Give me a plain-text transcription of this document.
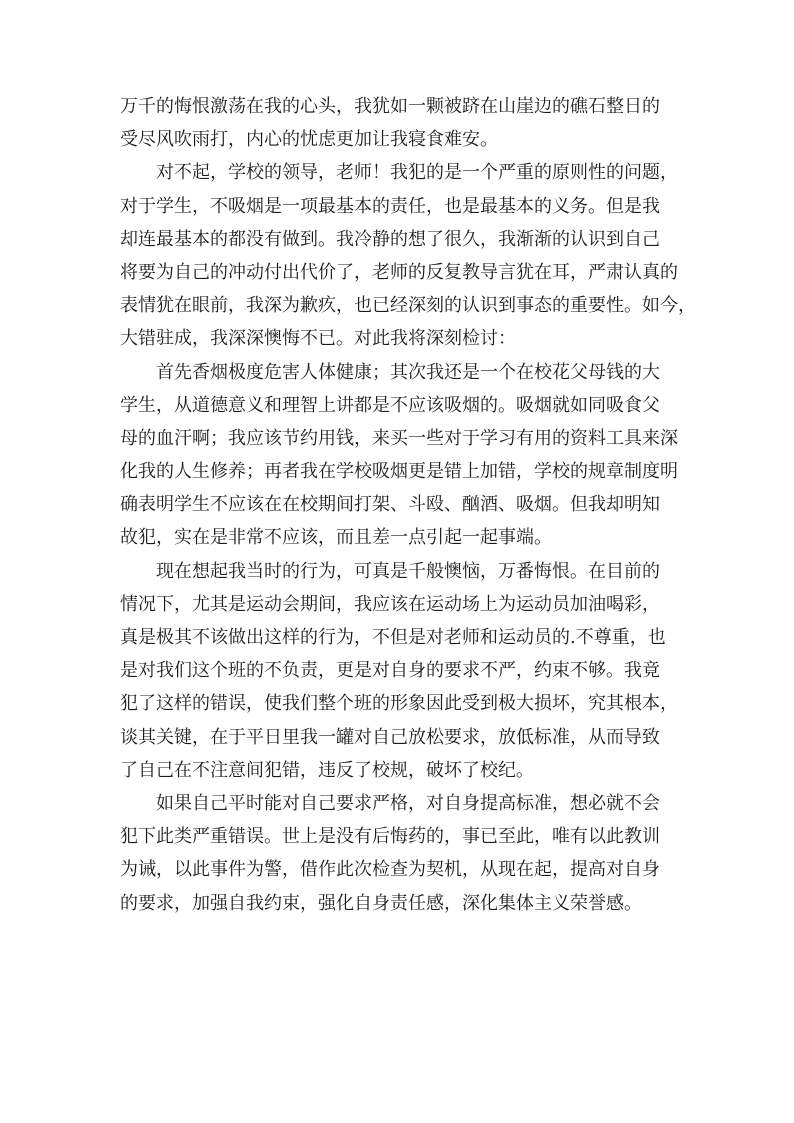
万千的悔恨激荡在我的心头，我犹如一颗被跻在山崖边的礁石整日的
受尽风吹雨打，内心的忧虑更加让我寝食难安。
对不起，学校的领导，老师！我犯的是一个严重的原则性的问题，
对于学生，不吸烟是一项最基本的责任，也是最基本的义务。但是我
却连最基本的都没有做到。我冷静的想了很久，我渐渐的认识到自己
将要为自己的冲动付出代价了，老师的反复教导言犹在耳，严肃认真的
表情犹在眼前，我深为歉疚，也已经深刻的认识到事态的重要性。如今，
大错驻成，我深深懊悔不已。对此我将深刻检讨：
首先香烟极度危害人体健康；其次我还是一个在校花父母钱的大
学生，从道德意义和理智上讲都是不应该吸烟的。吸烟就如同吸食父
母的血汗啊；我应该节约用钱，来买一些对于学习有用的资料工具来深
化我的人生修养；再者我在学校吸烟更是错上加错，学校的规章制度明
确表明学生不应该在在校期间打架、斗殴、酗酒、吸烟。但我却明知
故犯，实在是非常不应该，而且差一点引起一起事端。
现在想起我当时的行为，可真是千般懊恼，万番悔恨。在目前的
情况下，尤其是运动会期间，我应该在运动场上为运动员加油喝彩，
真是极其不该做出这样的行为，不但是对老师和运动员的.不尊重，也
是对我们这个班的不负责，更是对自身的要求不严，约束不够。我竟
犯了这样的错误，使我们整个班的形象因此受到极大损坏，究其根本，
谈其关键，在于平日里我一罐对自己放松要求，放低标准，从而导致
了自己在不注意间犯错，违反了校规，破坏了校纪。
如果自己平时能对自己要求严格，对自身提高标准，想必就不会
犯下此类严重错误。世上是没有后悔药的，事已至此，唯有以此教训
为诫，以此事件为警，借作此次检查为契机，从现在起，提高对自身
的要求，加强自我约束，强化自身责任感，深化集体主义荣誉感。
